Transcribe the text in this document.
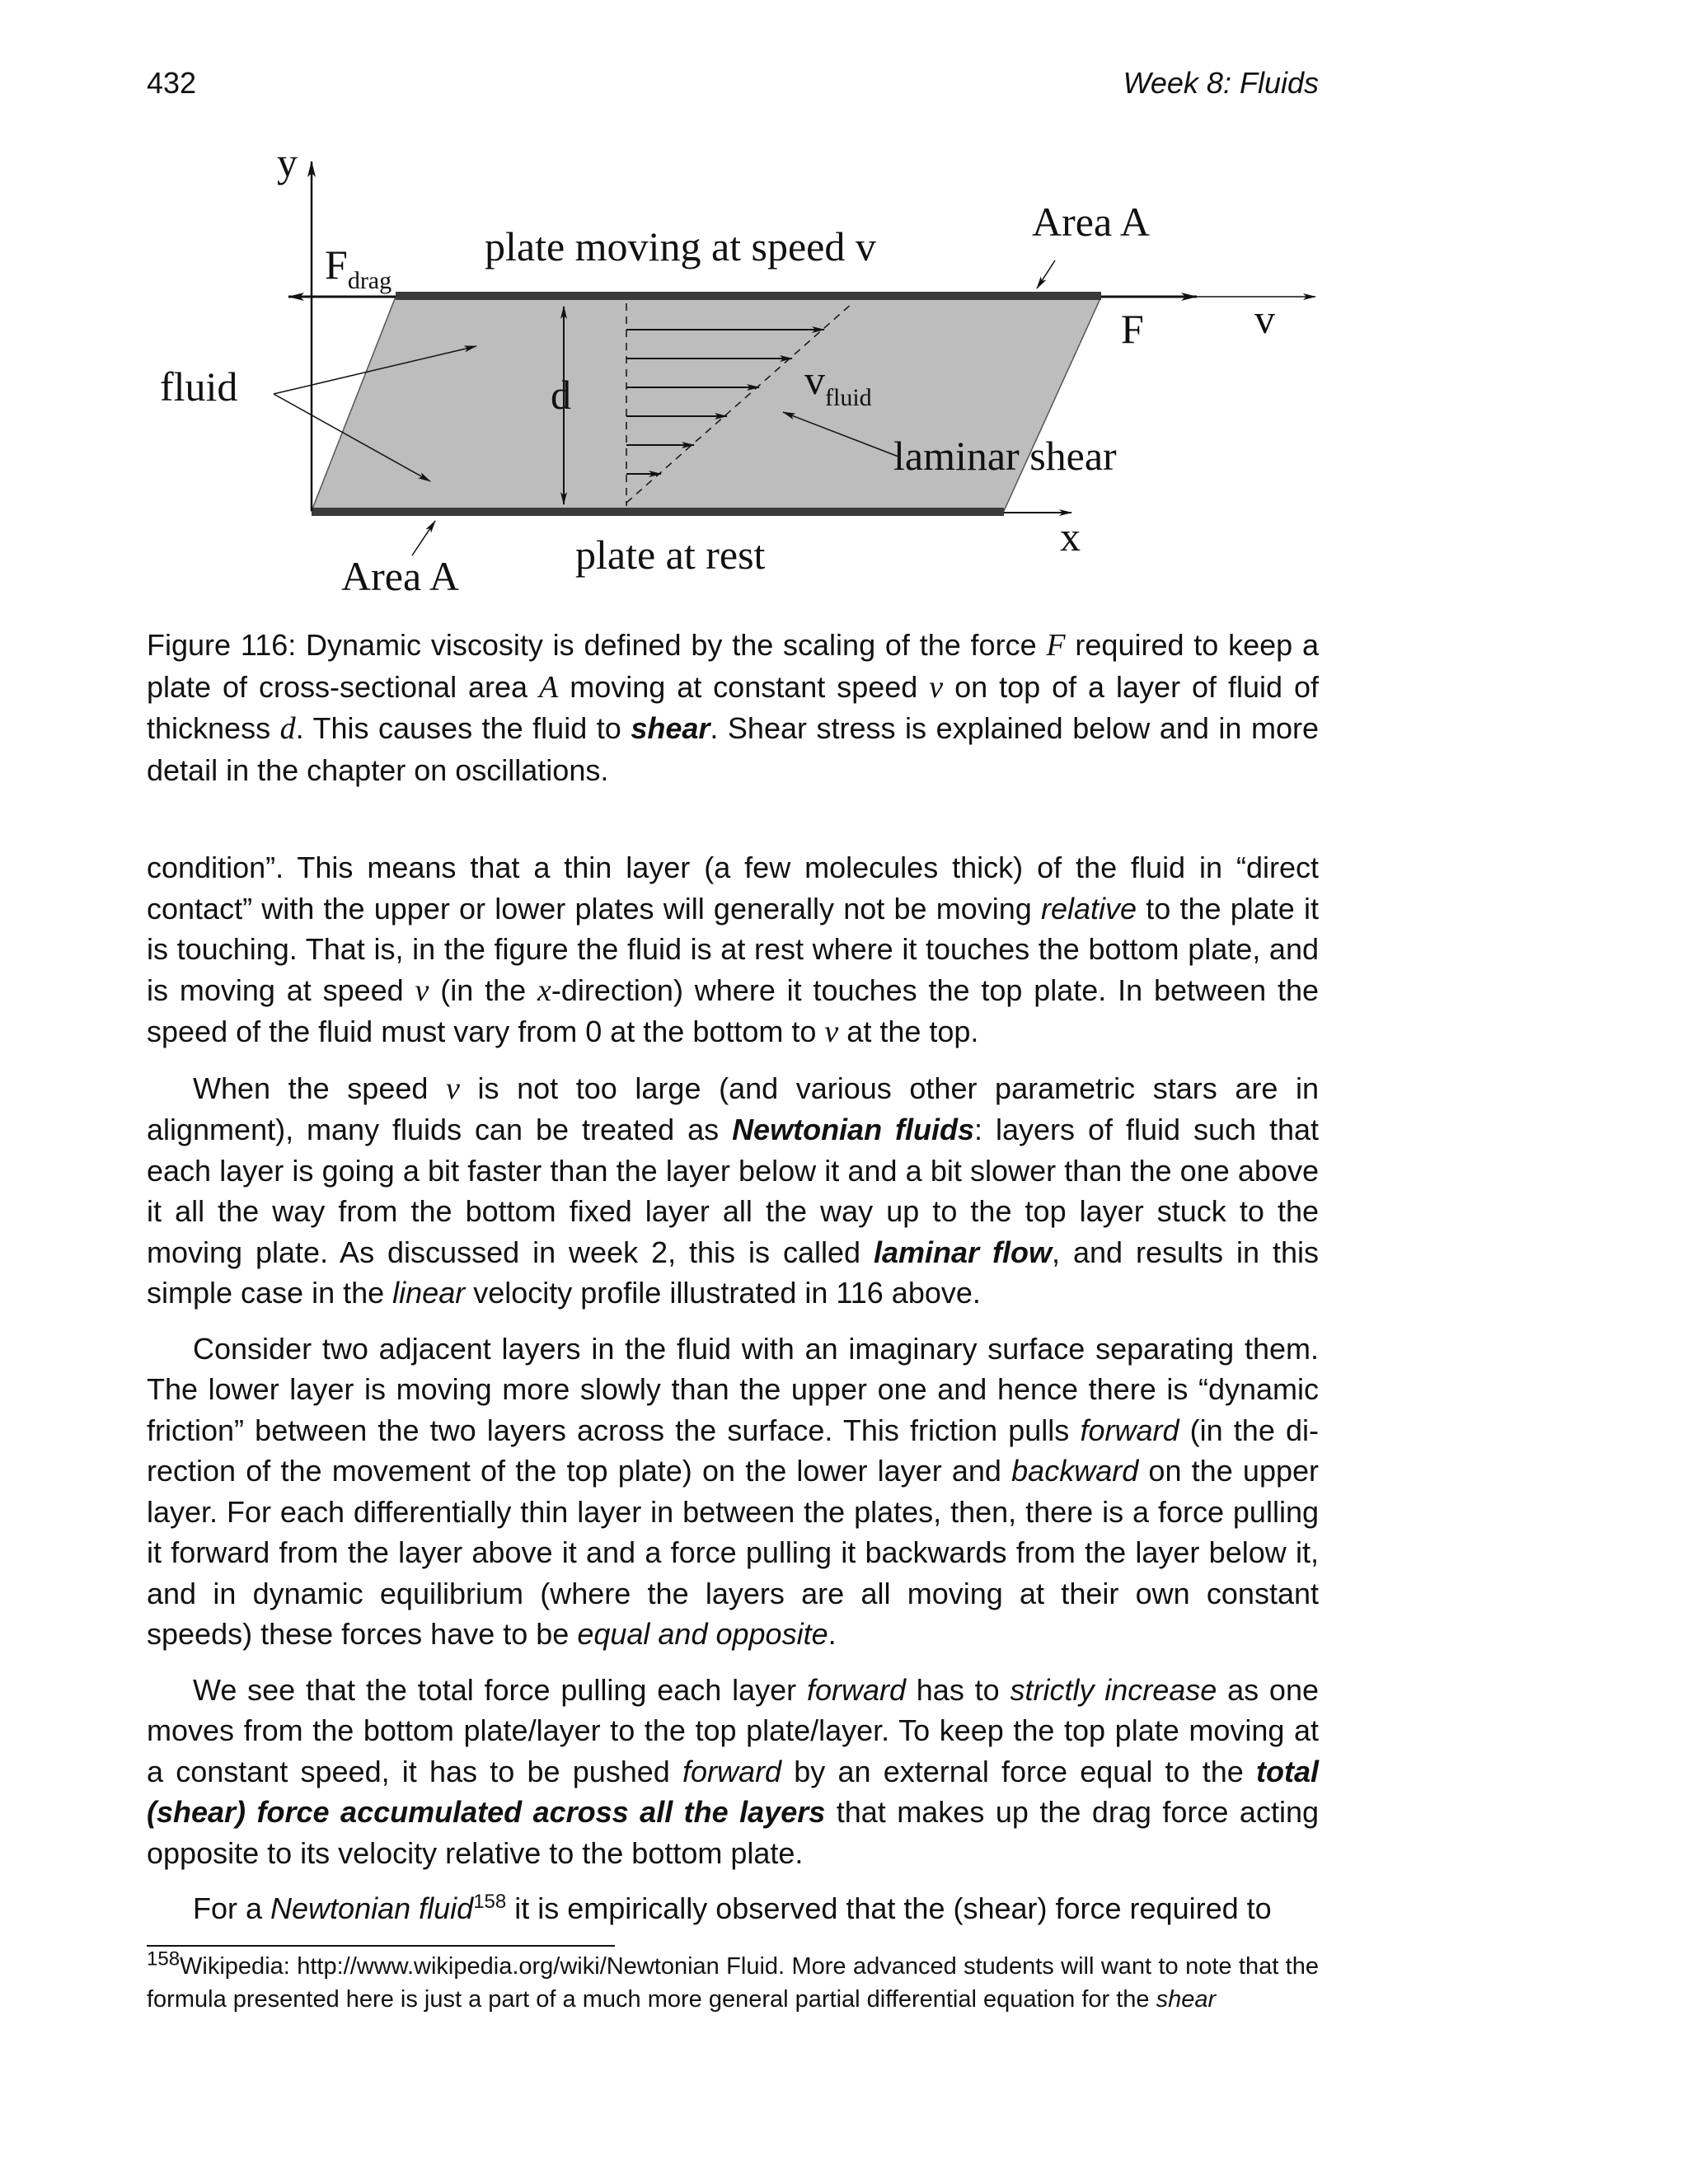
432	Week 8: Fluids
y
x
v
F
$F_{drag}$
plate moving at speed v
Area A
fluid	d	$v_{fluid}$
laminar shear
plate at rest
Area A
Figure 116: Dynamic viscosity is defined by the scaling of the force F required to keep a plate of cross-sectional area A moving at constant speed v on top of a layer of fluid of thickness d. This causes the fluid to shear. Shear stress is explained below and in more detail in the chapter on oscillations.

condition”. This means that a thin layer (a few molecules thick) of the fluid in “direct contact” with the upper or lower plates will generally not be moving relative to the plate it is touching. That is, in the figure the fluid is at rest where it touches the bottom plate, and is moving at speed v (in the x-direction) where it touches the top plate. In between the speed of the fluid must vary from 0 at the bottom to v at the top.

When the speed v is not too large (and various other parametric stars are in alignment), many fluids can be treated as Newtonian fluids: layers of fluid such that each layer is going a bit faster than the layer below it and a bit slower than the one above it all the way from the bottom fixed layer all the way up to the top layer stuck to the moving plate. As discussed in week 2, this is called laminar flow, and results in this simple case in the linear velocity profile illustrated in 116 above.

Consider two adjacent layers in the fluid with an imaginary surface separating them. The lower layer is moving more slowly than the upper one and hence there is “dynamic friction” between the two layers across the surface. This friction pulls forward (in the direction of the movement of the top plate) on the lower layer and backward on the upper layer. For each differentially thin layer in between the plates, then, there is a force pulling it forward from the layer above it and a force pulling it backwards from the layer below it, and in dynamic equilibrium (where the layers are all moving at their own constant speeds) these forces have to be equal and opposite.

We see that the total force pulling each layer forward has to strictly increase as one moves from the bottom plate/layer to the top plate/layer. To keep the top plate moving at a constant speed, it has to be pushed forward by an external force equal to the total (shear) force accumulated across all the layers that makes up the drag force acting opposite to its velocity relative to the bottom plate.

For a Newtonian fluid$^{158}$ it is empirically observed that the (shear) force required to

$^{158}$Wikipedia: http://www.wikipedia.org/wiki/Newtonian Fluid. More advanced students will want to note that the formula presented here is just a part of a much more general partial differential equation for the shear
